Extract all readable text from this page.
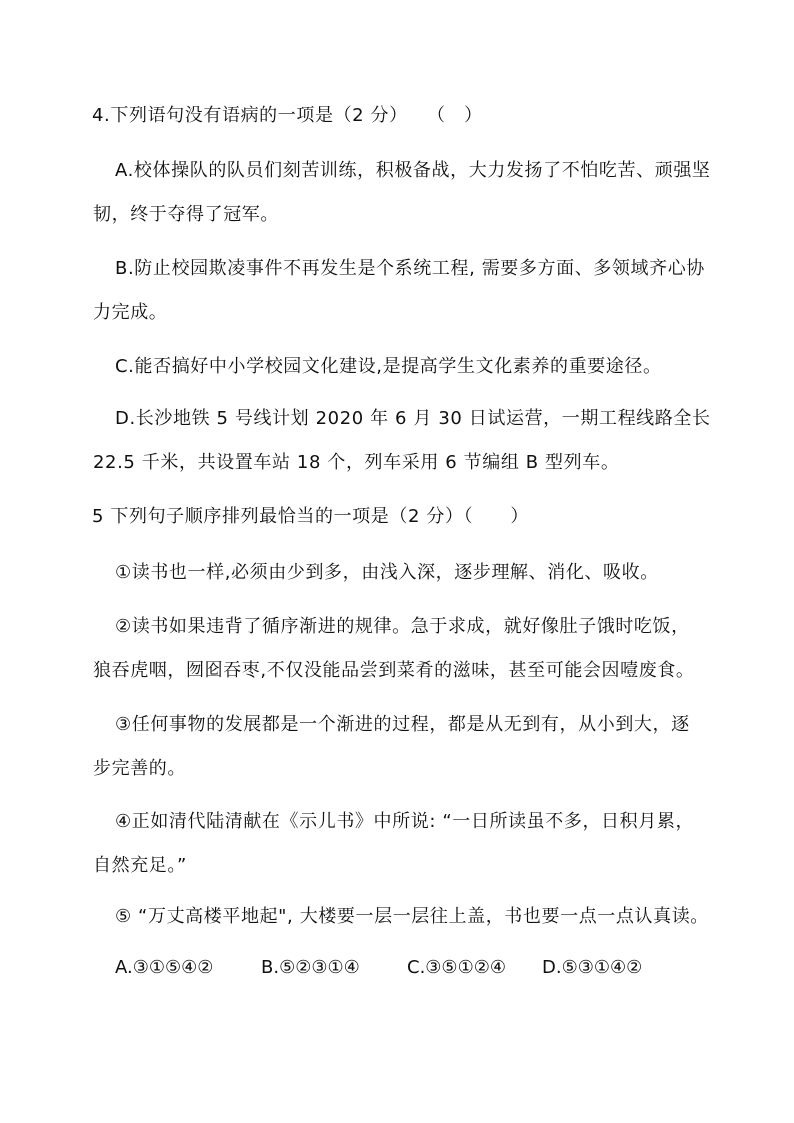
4.下列语句没有语病的一项是（2 分）　　（　）
A.校体操队的队员们刻苦训练，积极备战，大力发扬了不怕吃苦、顽强坚
韧，终于夺得了冠军。
B.防止校园欺凌事件不再发生是个系统工程, 需要多方面、多领域齐心协
力完成。
C.能否搞好中小学校园文化建设,是提高学生文化素养的重要途径。
D.长沙地铁 5 号线计划 2020 年 6 月 30 日试运营，一期工程线路全长
22.5 千米，共设置车站 18 个，列车采用 6 节编组 B 型列车。
5 下列句子顺序排列最恰当的一项是（2 分）（　　）
①读书也一样,必须由少到多，由浅入深，逐步理解、消化、吸收。
②读书如果违背了循序渐进的规律。急于求成，就好像肚子饿时吃饭，
狼吞虎咽，囫囵吞枣,不仅没能品尝到菜肴的滋味，甚至可能会因噎废食。
③任何事物的发展都是一个渐进的过程，都是从无到有，从小到大，逐
步完善的。
④正如清代陆清献在《示儿书》中所说: “一日所读虽不多，日积月累，
自然充足。”
⑤ “万丈高楼平地起", 大楼要一层一层往上盖，书也要一点一点认真读。
A.③①⑤④②	B.⑤②③①④	C.③⑤①②④ D.⑤③①④②
